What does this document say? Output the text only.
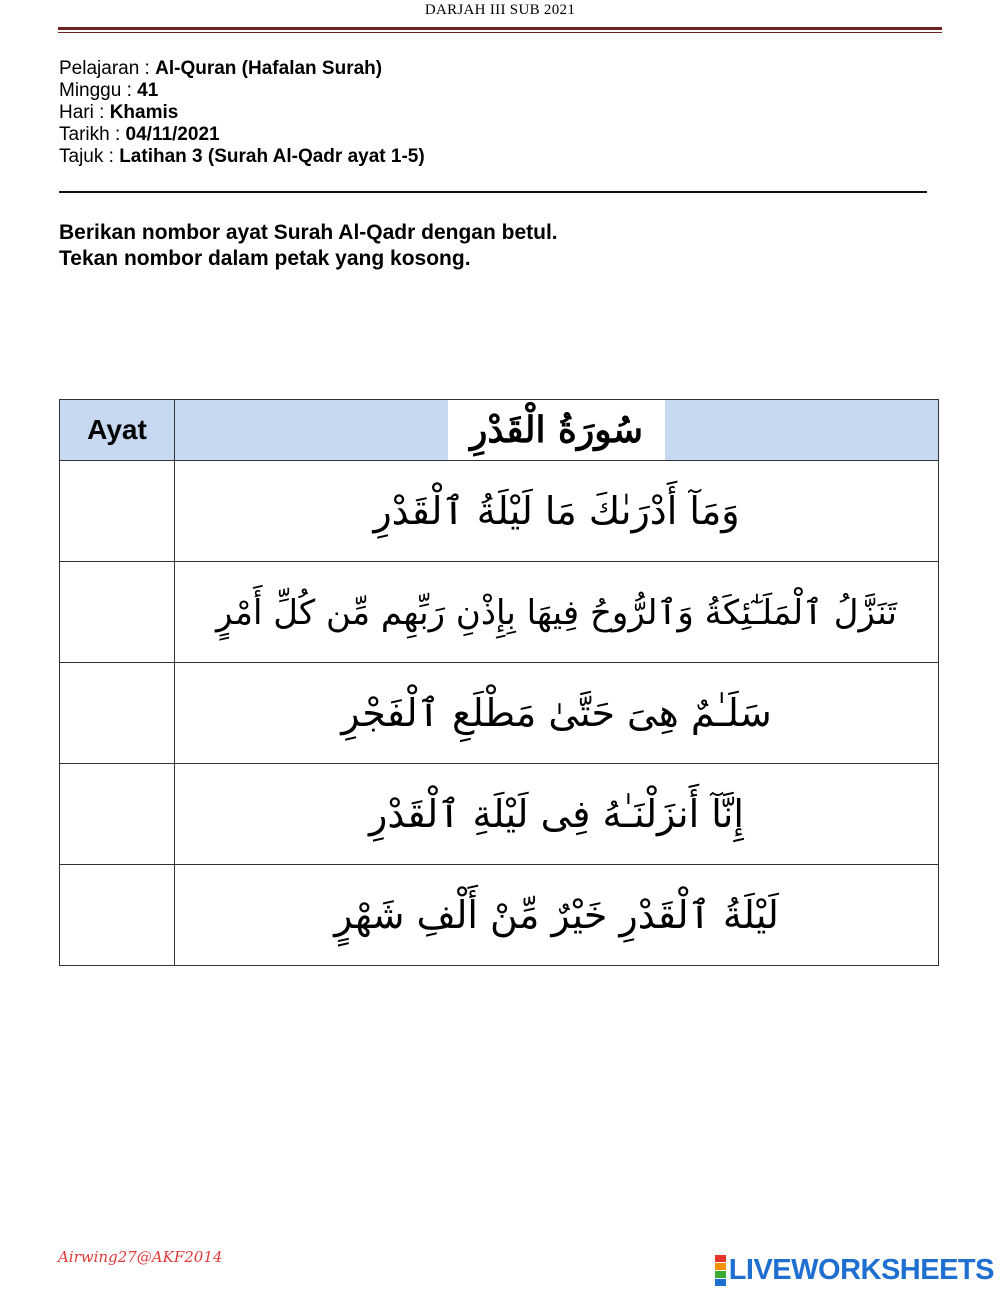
DARJAH III SUB 2021
Pelajaran : Al-Quran (Hafalan Surah)
Minggu : 41
Hari : Khamis
Tarikh : 04/11/2021
Tajuk : Latihan 3 (Surah Al-Qadr ayat 1-5)
Berikan nombor ayat Surah Al-Qadr dengan betul.
Tekan nombor dalam petak yang kosong.
Ayat	سُورَةُ الْقَدْرِ
	وَمَآ أَدْرَىٰكَ مَا لَيْلَةُ ٱلْقَدْرِ
	تَنَزَّلُ ٱلْمَلَـٰٓئِكَةُ وَٱلرُّوحُ فِيهَا بِإِذْنِ رَبِّهِم مِّن كُلِّ أَمْرٍ
	سَلَـٰمٌ هِىَ حَتَّىٰ مَطْلَعِ ٱلْفَجْرِ
	إِنَّآ أَنزَلْنَـٰهُ فِى لَيْلَةِ ٱلْقَدْرِ
	لَيْلَةُ ٱلْقَدْرِ خَيْرٌ مِّنْ أَلْفِ شَهْرٍ
Airwing27@AKF2014	LIVEWORKSHEETS
